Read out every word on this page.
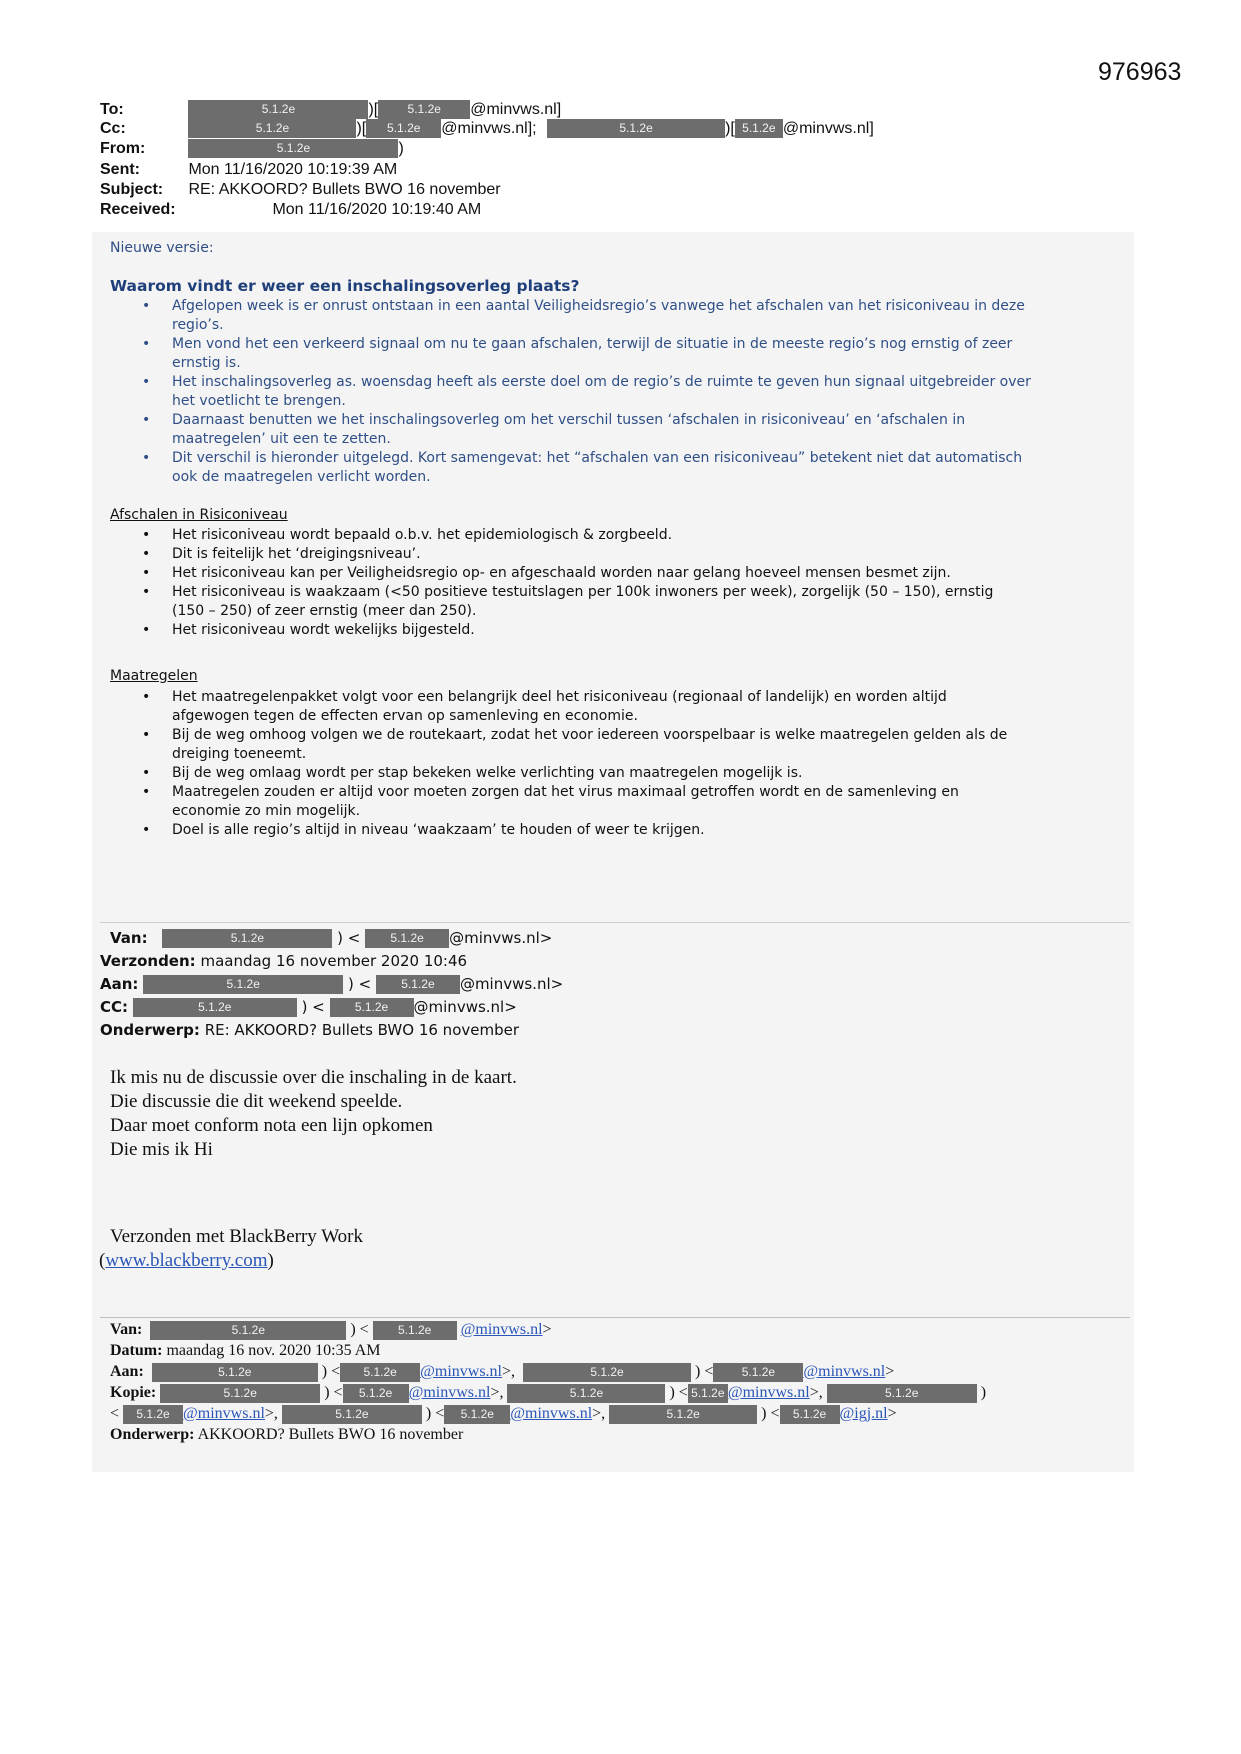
976963
To:	5.1.2e	)[ 5.1.2e @minvws.nl]
Cc:	5.1.2e	)[ 5.1.2e @minvws.nl];	5.1.2e	)[ 5.1.2e @minvws.nl]
From:	5.1.2e	)
Sent:	Mon 11/16/2020 10:19:39 AM
Subject: RE: AKKOORD? Bullets BWO 16 november
Received:	Mon 11/16/2020 10:19:40 AM
Nieuwe versie:
Waarom vindt er weer een inschalingsoverleg plaats?
• Afgelopen week is er onrust ontstaan in een aantal Veiligheidsregio’s vanwege het afschalen van het risiconiveau in deze
regio’s.
• Men vond het een verkeerd signaal om nu te gaan afschalen, terwijl de situatie in de meeste regio’s nog ernstig of zeer
ernstig is.
• Het inschalingsoverleg as. woensdag heeft als eerste doel om de regio’s de ruimte te geven hun signaal uitgebreider over
het voetlicht te brengen.
• Daarnaast benutten we het inschalingsoverleg om het verschil tussen ‘afschalen in risiconiveau’ en ‘afschalen in
maatregelen’ uit een te zetten.
• Dit verschil is hieronder uitgelegd. Kort samengevat: het “afschalen van een risiconiveau” betekent niet dat automatisch
ook de maatregelen verlicht worden.
Afschalen in Risiconiveau
• Het risiconiveau wordt bepaald o.b.v. het epidemiologisch & zorgbeeld.
• Dit is feitelijk het ‘dreigingsniveau’.
• Het risiconiveau kan per Veiligheidsregio op- en afgeschaald worden naar gelang hoeveel mensen besmet zijn.
• Het risiconiveau is waakzaam (<50 positieve testuitslagen per 100k inwoners per week), zorgelijk (50 – 150), ernstig
(150 – 250) of zeer ernstig (meer dan 250).
• Het risiconiveau wordt wekelijks bijgesteld.
Maatregelen
• Het maatregelenpakket volgt voor een belangrijk deel het risiconiveau (regionaal of landelijk) en worden altijd
afgewogen tegen de effecten ervan op samenleving en economie.
• Bij de weg omhoog volgen we de routekaart, zodat het voor iedereen voorspelbaar is welke maatregelen gelden als de
dreiging toeneemt.
• Bij de weg omlaag wordt per stap bekeken welke verlichting van maatregelen mogelijk is.
• Maatregelen zouden er altijd voor moeten zorgen dat het virus maximaal getroffen wordt en de samenleving en
economie zo min mogelijk.
• Doel is alle regio’s altijd in niveau ‘waakzaam’ te houden of weer te krijgen.
Van:	5.1.2e	) < 5.1.2e @minvws.nl>
Verzonden: maandag 16 november 2020 10:46
Aan:	5.1.2e	) < 5.1.2e @minvws.nl>
CC:	5.1.2e	) < 5.1.2e @minvws.nl>
Onderwerp: RE: AKKOORD? Bullets BWO 16 november
Ik mis nu de discussie over die inschaling in de kaart.
Die discussie die dit weekend speelde.
Daar moet conform nota een lijn opkomen
Die mis ik Hi
Verzonden met BlackBerry Work
(www.blackberry.com)
Van:	5.1.2e	) < 5.1.2e @minvws.nl>
Datum: maandag 16 nov. 2020 10:35 AM
Aan:	5.1.2e	) < 5.1.2e @minvws.nl>,	5.1.2e	) < 5.1.2e @minvws.nl>
Kopie:	5.1.2e	) < 5.1.2e @minvws.nl>,	5.1.2e	) < 5.1.2e @minvws.nl>,	5.1.2e	)
< 5.1.2e @minvws.nl>,	5.1.2e	) < 5.1.2e @minvws.nl>,	5.1.2e	) < 5.1.2e @igj.nl>
Onderwerp: AKKOORD? Bullets BWO 16 november
